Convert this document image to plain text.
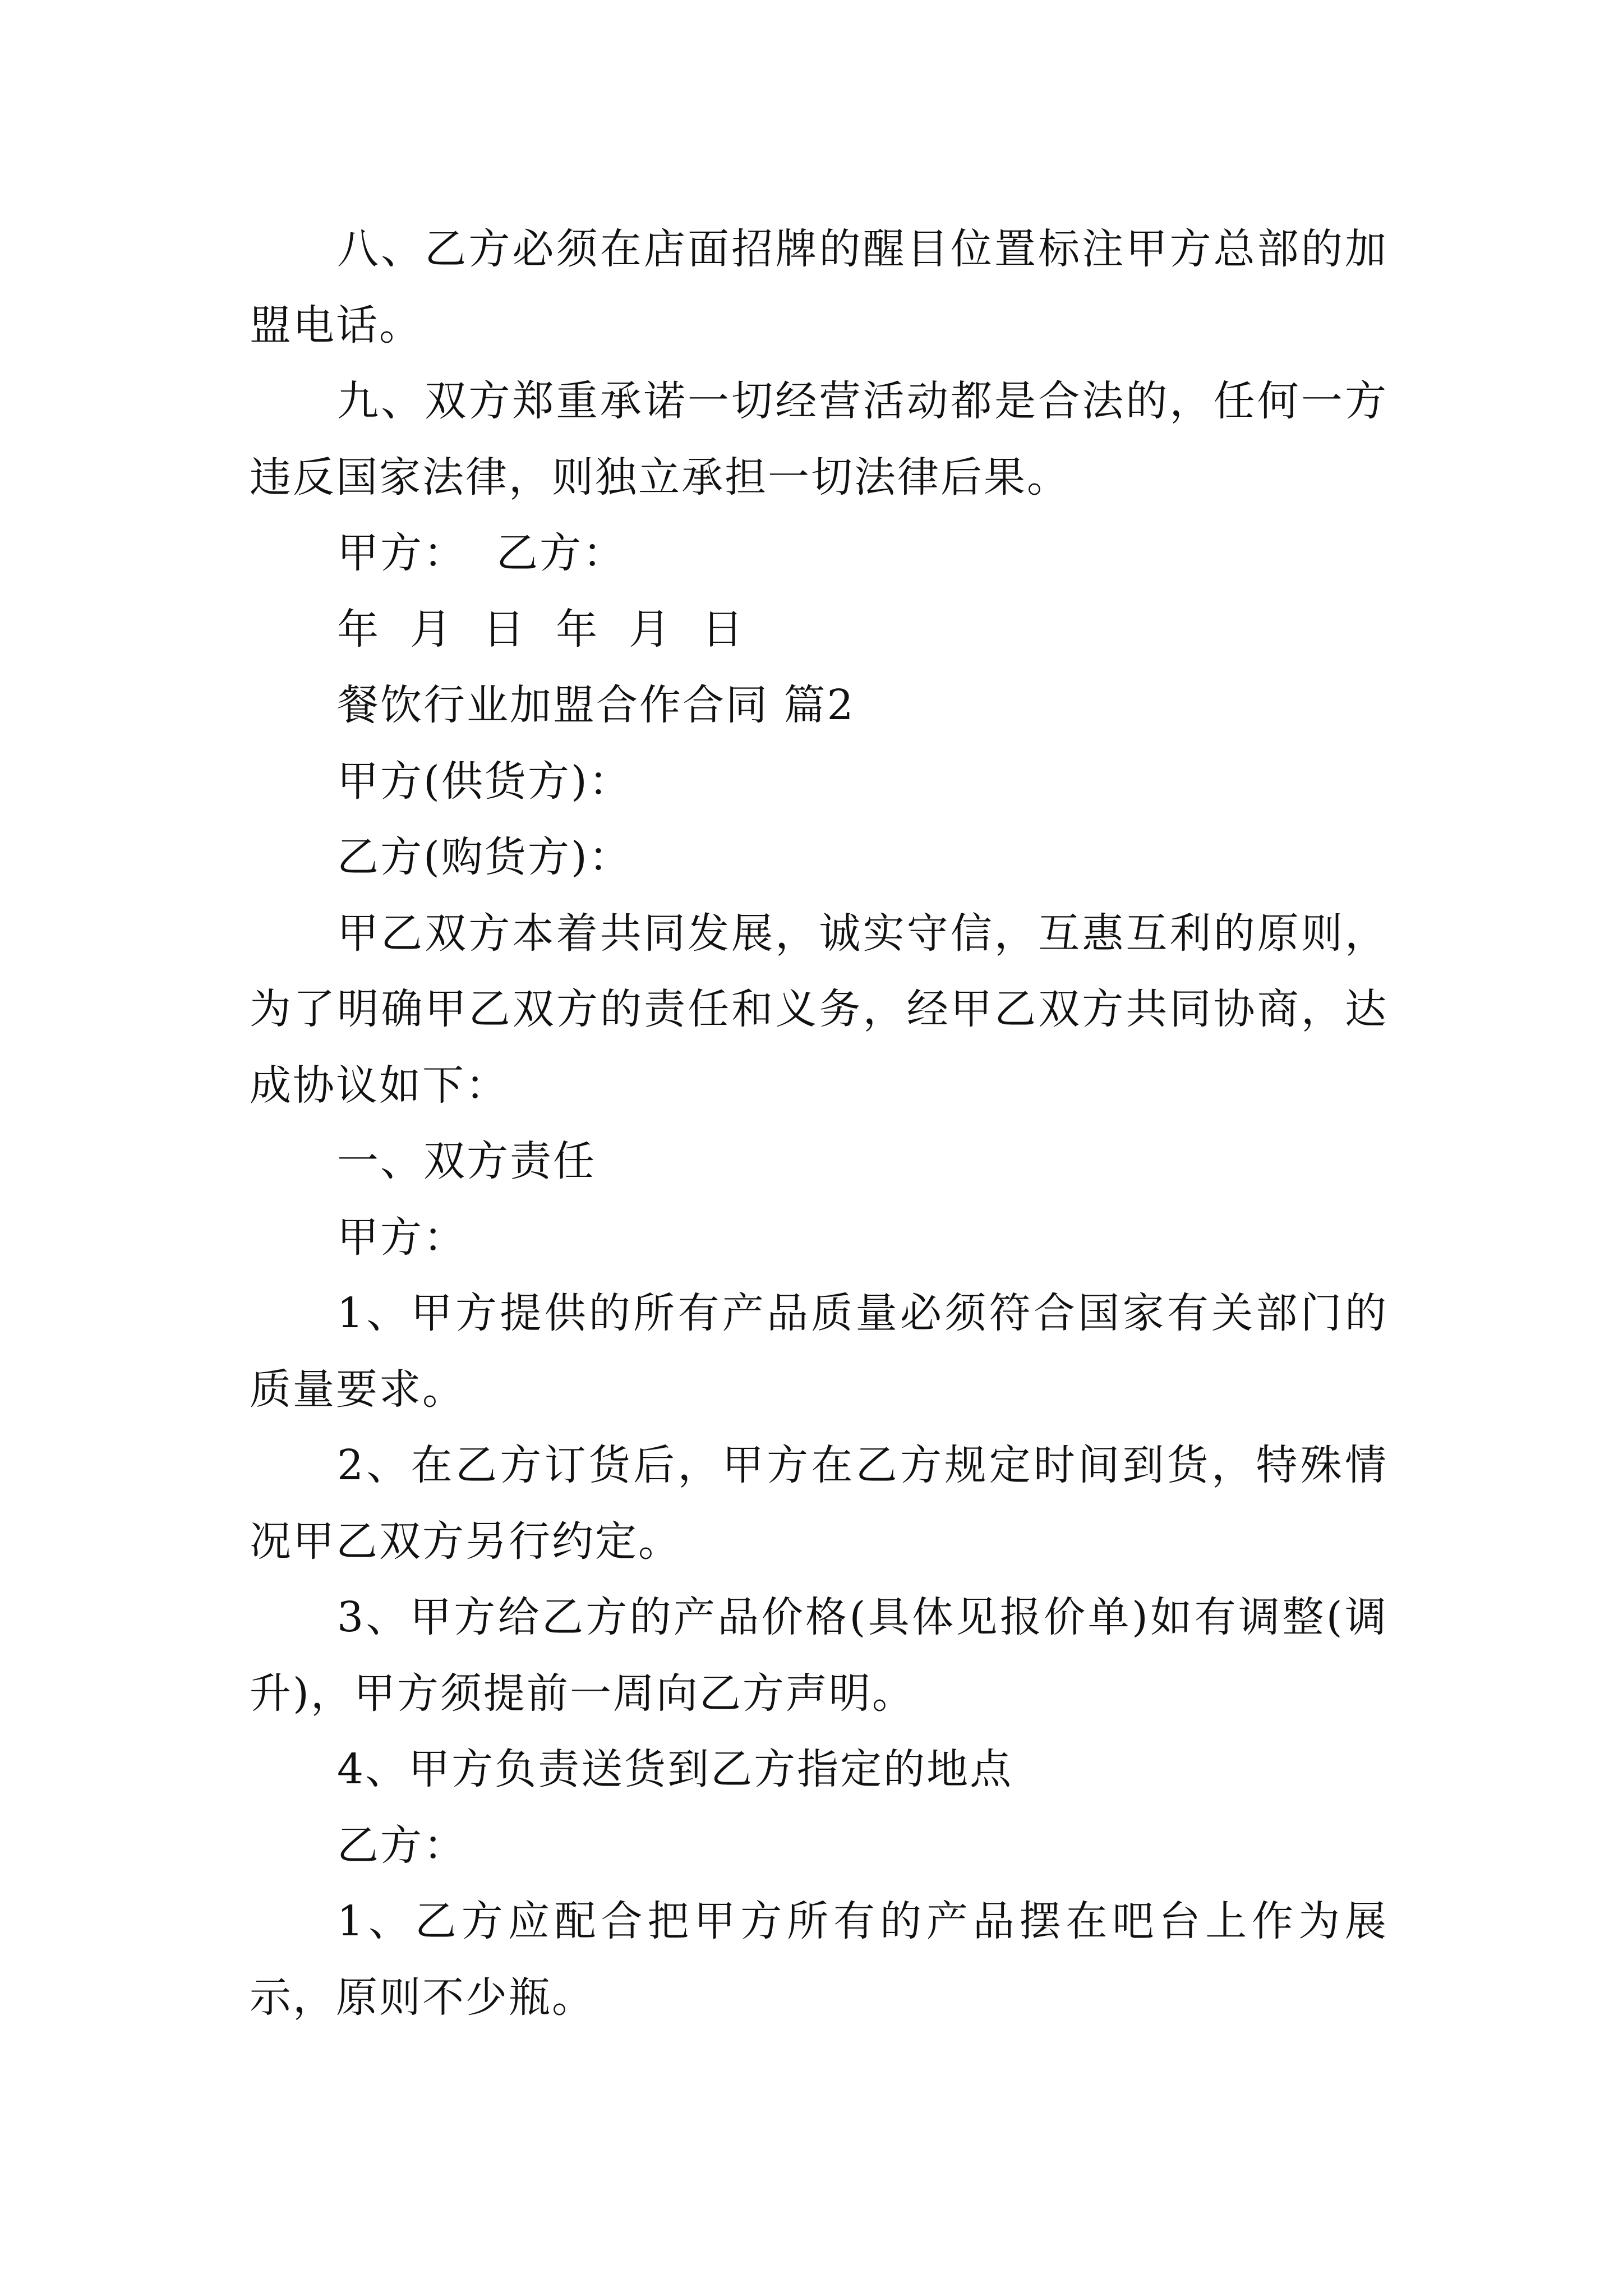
八、乙方必须在店面招牌的醒目位置标注甲方总部的加盟电话。

九、双方郑重承诺一切经营活动都是合法的，任何一方违反国家法律，则独立承担一切法律后果。

甲方：  乙方：

年  月  日  年  月  日

餐饮行业加盟合作合同 篇2

甲方(供货方)：

乙方(购货方)：

甲乙双方本着共同发展，诚实守信，互惠互利的原则，为了明确甲乙双方的责任和义务，经甲乙双方共同协商，达成协议如下：

一、双方责任

甲方：

1、甲方提供的所有产品质量必须符合国家有关部门的质量要求。

2、在乙方订货后，甲方在乙方规定时间到货，特殊情况甲乙双方另行约定。

3、甲方给乙方的产品价格(具体见报价单)如有调整(调升)，甲方须提前一周向乙方声明。

4、甲方负责送货到乙方指定的地点

乙方：

1、乙方应配合把甲方所有的产品摆在吧台上作为展示，原则不少瓶。
